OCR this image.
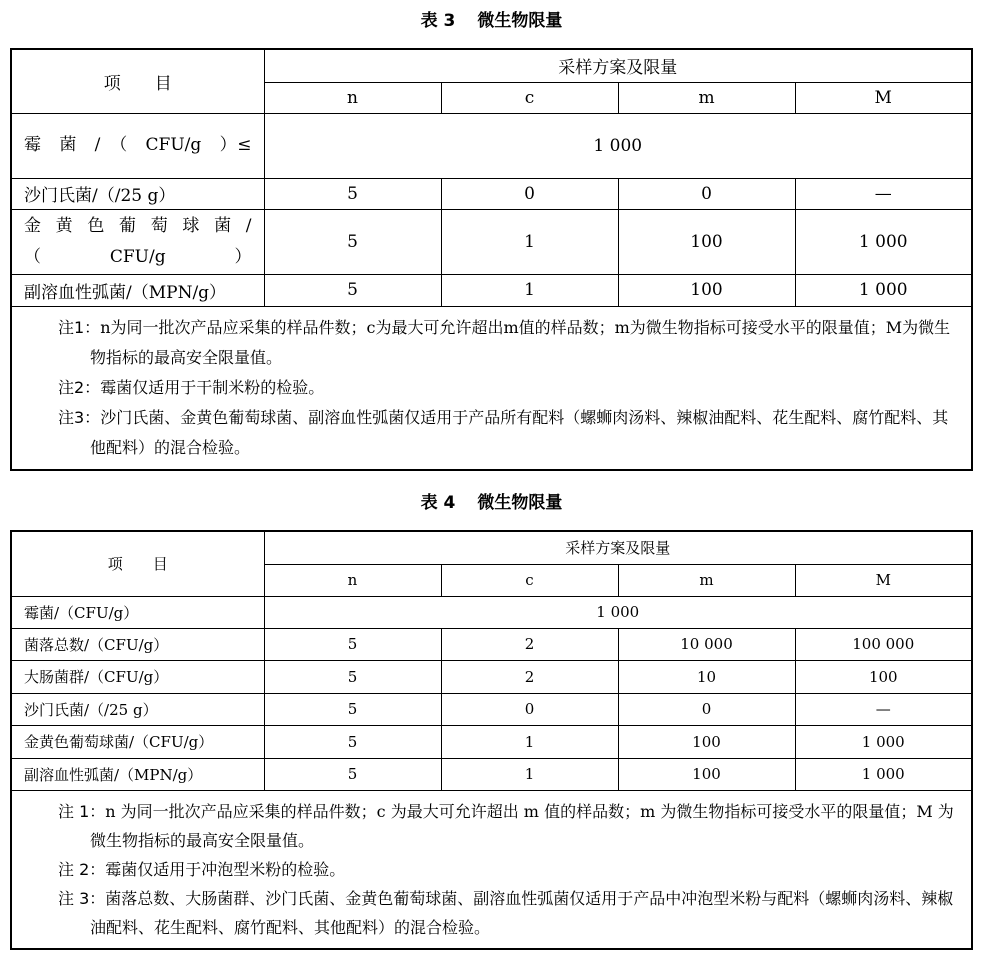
表 3 微生物限量
项　　目	采样方案及限量			
	n	c	m	M
霉　菌　/　（　CFU/g　）≤	1 000			
沙门氏菌/（/25 g）	5	0	0	—
金 黄 色 葡 萄 球 菌 /（CFU/g）	5	1	100	1 000
副溶血性弧菌/（MPN/g）	5	1	100	1 000

注1：n为同一批次产品应采集的样品件数；c为最大可允许超出m值的样品数；m为微生物指标可接受水平的限量值；M为微生物指标的最高安全限量值。
注2：霉菌仅适用于干制米粉的检验。
注3：沙门氏菌、金黄色葡萄球菌、副溶血性弧菌仅适用于产品所有配料（螺蛳肉汤料、辣椒油配料、花生配料、腐竹配料、其他配料）的混合检验。				
表 4 微生物限量
项　　目	采样方案及限量			
	n	c	m	M
霉菌/（CFU/g）	1 000			
菌落总数/（CFU/g）	5	2	10 000	100 000
大肠菌群/（CFU/g）	5	2	10	100
沙门氏菌/（/25 g）	5	0	0	—
金黄色葡萄球菌/（CFU/g）	5	1	100	1 000
副溶血性弧菌/（MPN/g）	5	1	100	1 000

注 1：n 为同一批次产品应采集的样品件数；c 为最大可允许超出 m 值的样品数；m 为微生物指标可接受水平的限量值；M 为微生物指标的最高安全限量值。
注 2：霉菌仅适用于冲泡型米粉的检验。
注 3：菌落总数、大肠菌群、沙门氏菌、金黄色葡萄球菌、副溶血性弧菌仅适用于产品中冲泡型米粉与配料（螺蛳肉汤料、辣椒油配料、花生配料、腐竹配料、其他配料）的混合检验。				
